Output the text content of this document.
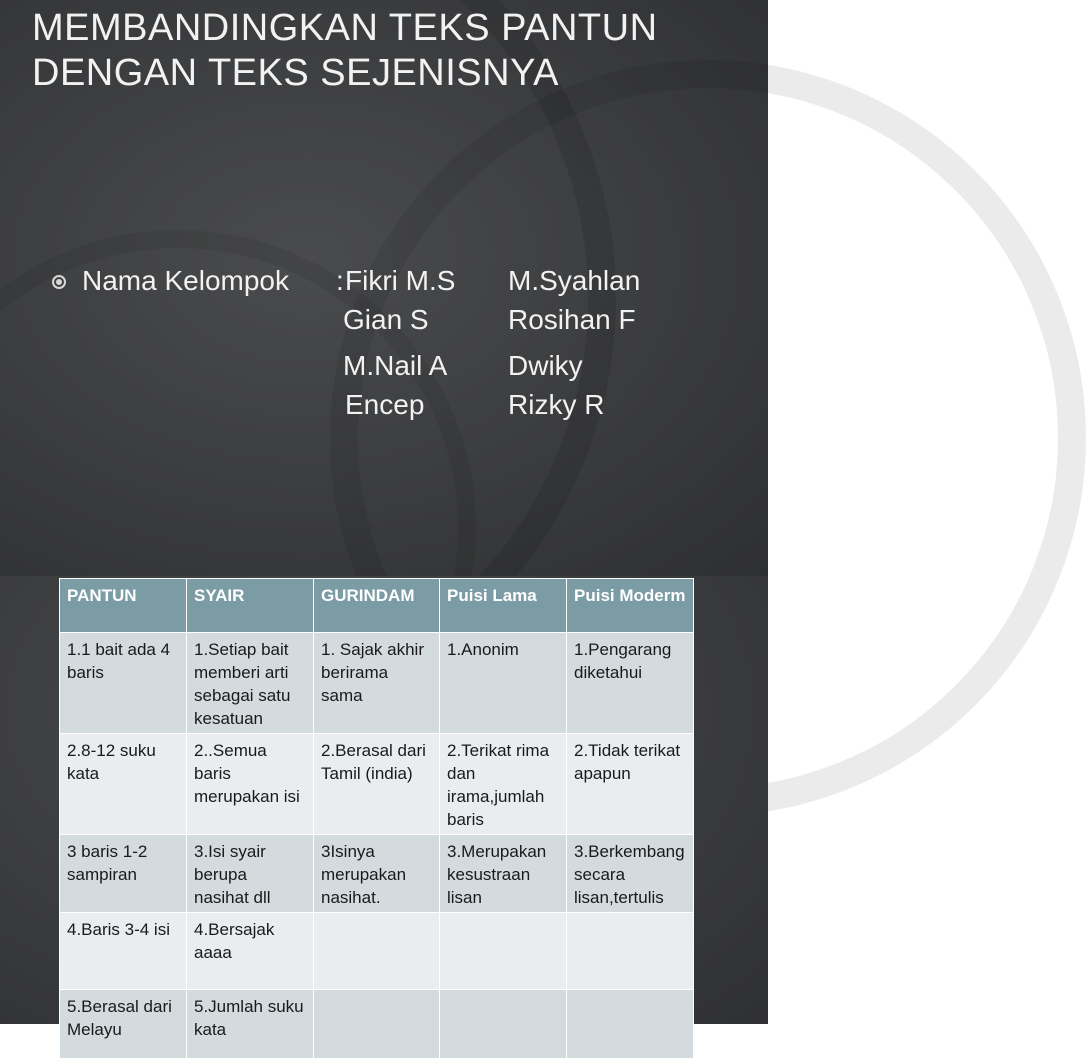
MEMBANDINGKAN TEKS PANTUN
DENGAN TEKS SEJENISNYA
Nama Kelompok : Fikri M.S M.Syahlan
Gian S	Rosihan F
M.Nail A Dwiky
Encep	Rizky R
PANTUN	SYAIR	GURINDAM	Puisi Lama	Puisi Moderm
1.1 bait ada 4 baris	1.Setiap bait memberi arti sebagai satu kesatuan	1. Sajak akhir berirama sama	1.Anonim	1.Pengarang diketahui
2.8-12 suku kata	2..Semua baris merupakan isi	2.Berasal dari Tamil (india)	2.Terikat rima dan irama,jumlah baris	2.Tidak terikat apapun
3 baris 1-2 sampiran	3.Isi syair berupa nasihat dll	3Isinya merupakan nasihat.	3.Merupakan kesustraan lisan	3.Berkembang secara lisan,tertulis
4.Baris 3-4 isi	4.Bersajak aaaa			
5.Berasal dari Melayu	5.Jumlah suku kata			
